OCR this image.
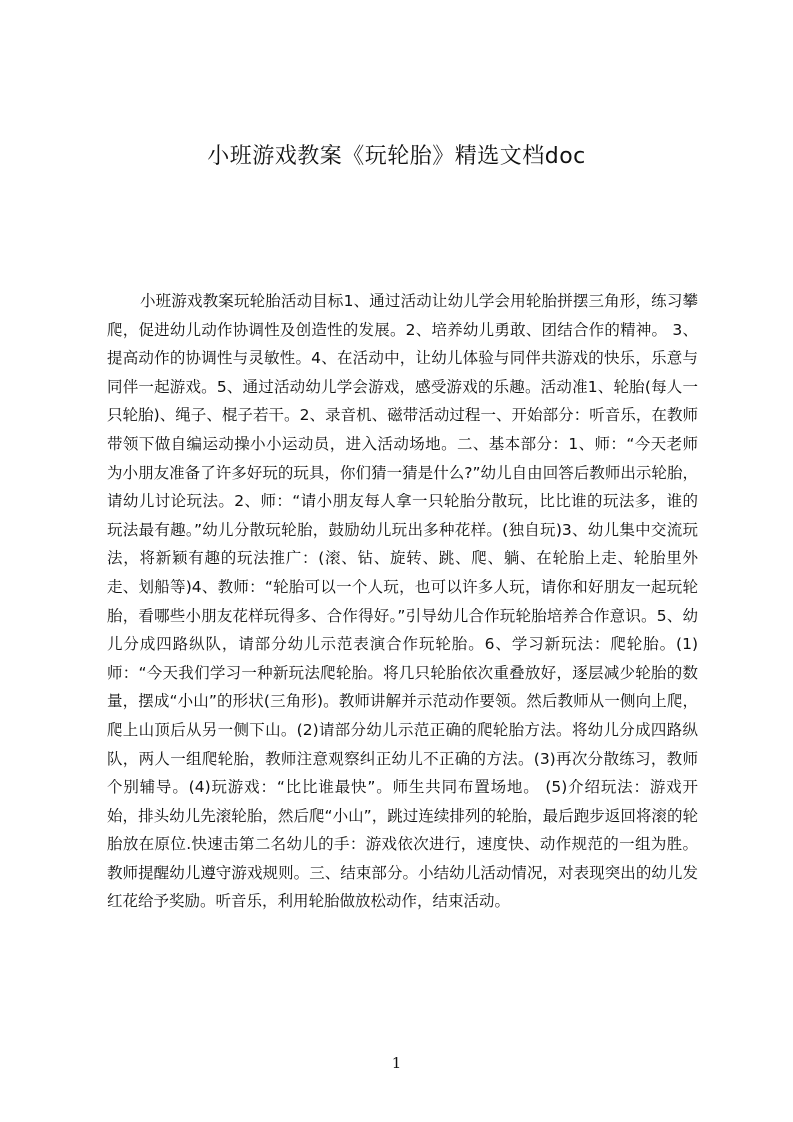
小班游戏教案《玩轮胎》精选文档doc

小班游戏教案玩轮胎活动目标1、通过活动让幼儿学会用轮胎拼摆三角形，练习攀爬，促进幼儿动作协调性及创造性的发展。2、培养幼儿勇敢、团结合作的精神。 3、提高动作的协调性与灵敏性。4、在活动中，让幼儿体验与同伴共游戏的快乐，乐意与同伴一起游戏。5、通过活动幼儿学会游戏，感受游戏的乐趣。活动准1、轮胎(每人一只轮胎)、绳子、棍子若干。2、录音机、磁带活动过程一、开始部分：听音乐，在教师带领下做自编运动操小小运动员，进入活动场地。二、基本部分：1、师：“今天老师为小朋友准备了许多好玩的玩具，你们猜一猜是什么?”幼儿自由回答后教师出示轮胎，请幼儿讨论玩法。2、师：“请小朋友每人拿一只轮胎分散玩，比比谁的玩法多，谁的玩法最有趣。”幼儿分散玩轮胎，鼓励幼儿玩出多种花样。(独自玩)3、幼儿集中交流玩法，将新颖有趣的玩法推广：(滚、钻、旋转、跳、爬、躺、在轮胎上走、轮胎里外走、划船等)4、教师：“轮胎可以一个人玩，也可以许多人玩，请你和好朋友一起玩轮胎，看哪些小朋友花样玩得多、合作得好。”引导幼儿合作玩轮胎培养合作意识。5、幼儿分成四路纵队，请部分幼儿示范表演合作玩轮胎。6、学习新玩法：爬轮胎。(1)师：“今天我们学习一种新玩法爬轮胎。将几只轮胎依次重叠放好，逐层减少轮胎的数量，摆成“小山”的形状(三角形)。教师讲解并示范动作要领。然后教师从一侧向上爬，爬上山顶后从另一侧下山。(2)请部分幼儿示范正确的爬轮胎方法。将幼儿分成四路纵队，两人一组爬轮胎，教师注意观察纠正幼儿不正确的方法。(3)再次分散练习，教师个别辅导。(4)玩游戏：“比比谁最快”。师生共同布置场地。 (5)介绍玩法：游戏开始，排头幼儿先滚轮胎，然后爬“小山”，跳过连续排列的轮胎，最后跑步返回将滚的轮胎放在原位.快速击第二名幼儿的手：游戏依次进行，速度快、动作规范的一组为胜。教师提醒幼儿遵守游戏规则。三、结束部分。小结幼儿活动情况，对表现突出的幼儿发红花给予奖励。听音乐，利用轮胎做放松动作，结束活动。

1
